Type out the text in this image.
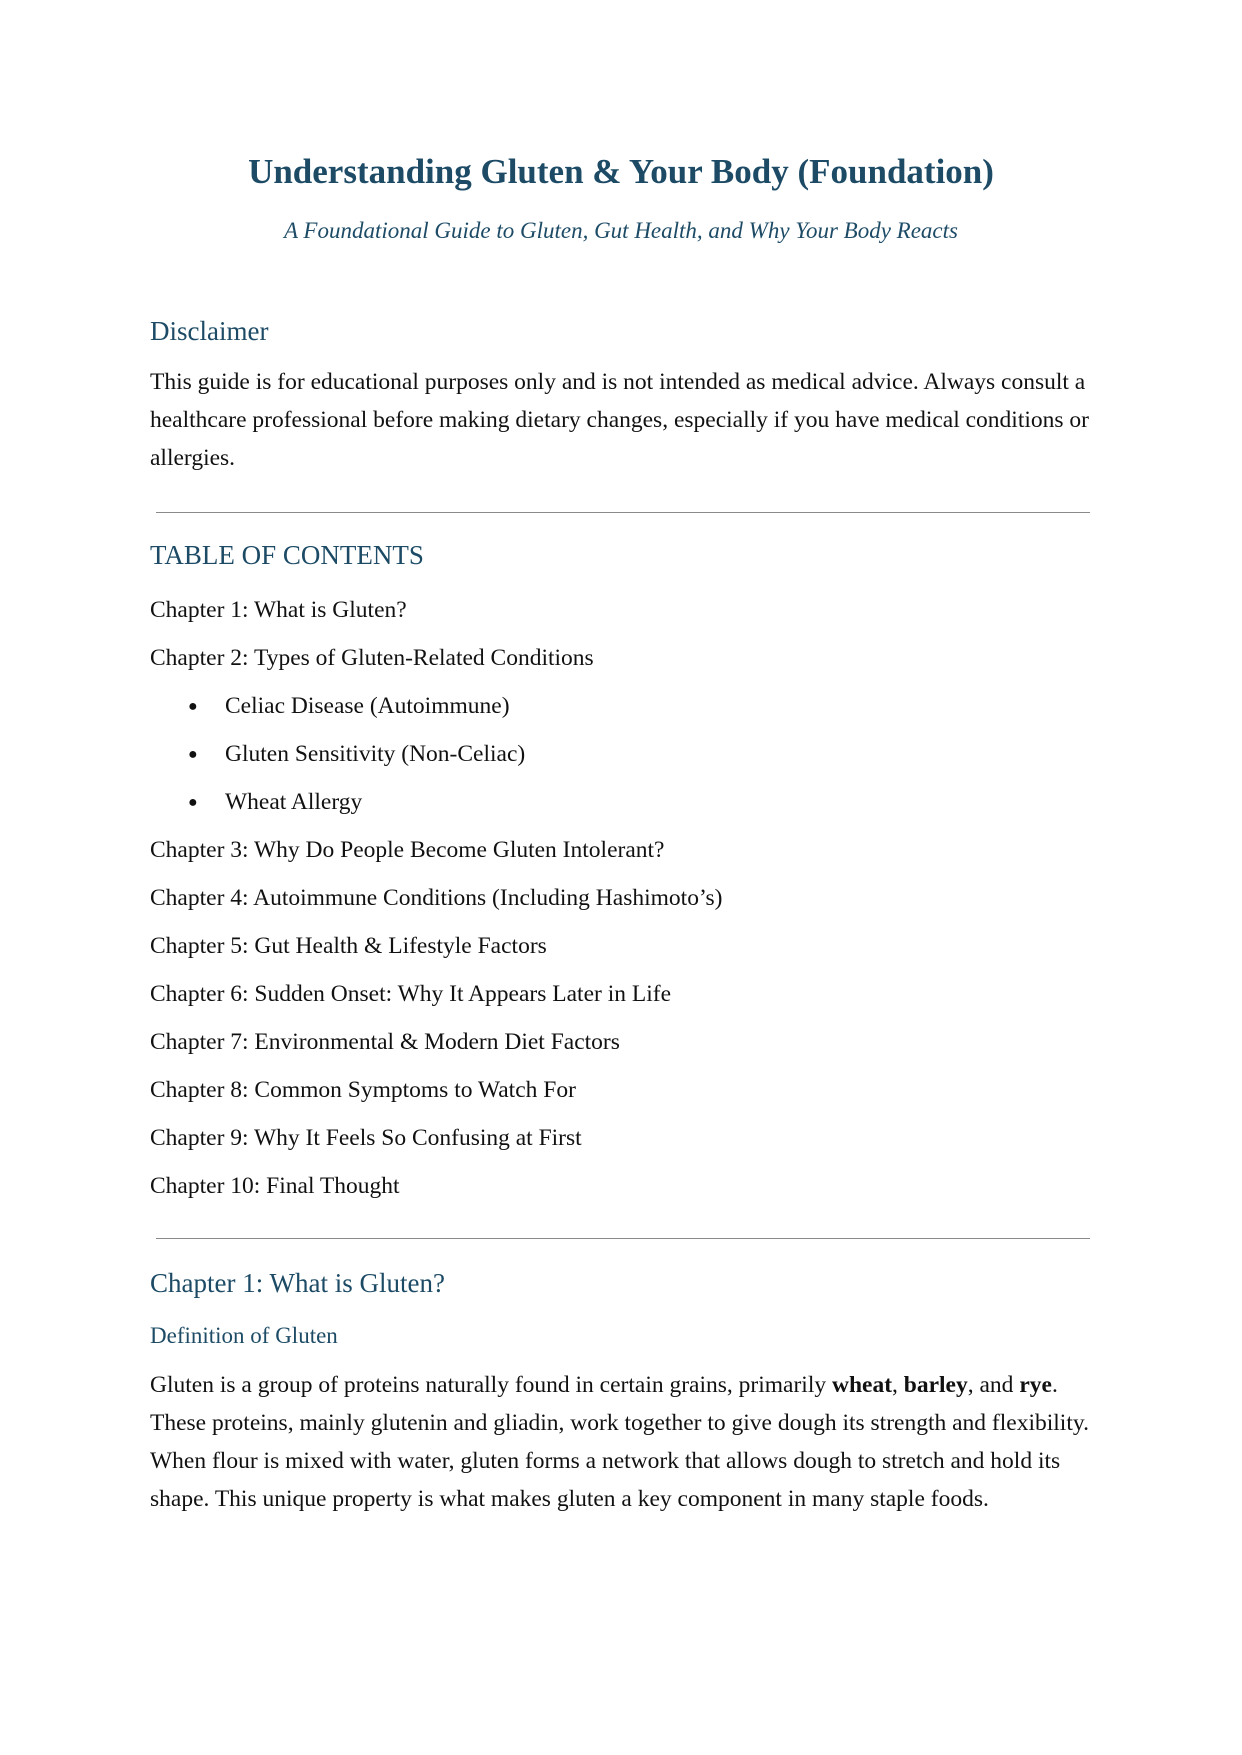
Understanding Gluten & Your Body (Foundation)

A Foundational Guide to Gluten, Gut Health, and Why Your Body Reacts

Disclaimer

This guide is for educational purposes only and is not intended as medical advice. Always consult a healthcare professional before making dietary changes, especially if you have medical conditions or allergies.

TABLE OF CONTENTS
Chapter 1: What is Gluten?
Chapter 2: Types of Gluten-Related Conditions
● Celiac Disease (Autoimmune)
● Gluten Sensitivity (Non-Celiac)
● Wheat Allergy
Chapter 3: Why Do People Become Gluten Intolerant?
Chapter 4: Autoimmune Conditions (Including Hashimoto’s)
Chapter 5: Gut Health & Lifestyle Factors
Chapter 6: Sudden Onset: Why It Appears Later in Life
Chapter 7: Environmental & Modern Diet Factors
Chapter 8: Common Symptoms to Watch For
Chapter 9: Why It Feels So Confusing at First
Chapter 10: Final Thought
Chapter 1: What is Gluten?
Definition of Gluten

Gluten is a group of proteins naturally found in certain grains, primarily wheat, barley, and rye. These proteins, mainly glutenin and gliadin, work together to give dough its strength and flexibility. When flour is mixed with water, gluten forms a network that allows dough to stretch and hold its shape. This unique property is what makes gluten a key component in many staple foods.
